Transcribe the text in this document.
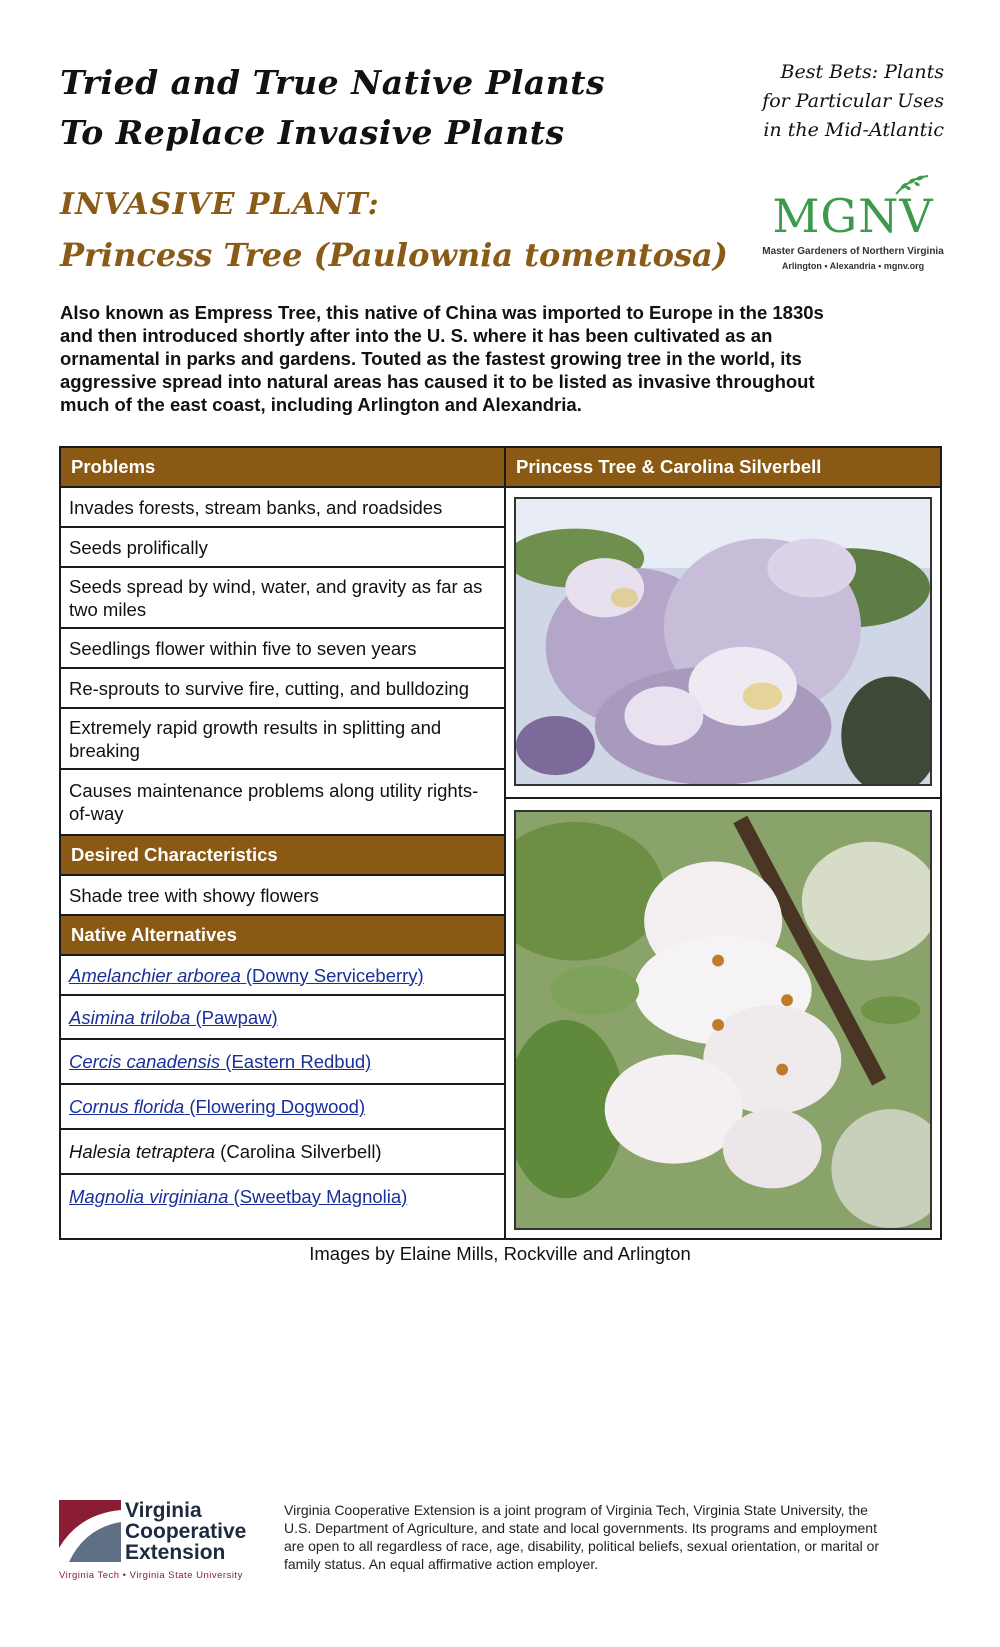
Tried and True Native Plants
To Replace Invasive Plants
Best Bets: Plants
for Particular Uses
in the Mid-Atlantic
INVASIVE PLANT:
Princess Tree (Paulownia tomentosa)
MGNV
Master Gardeners of Northern Virginia
Arlington • Alexandria • mgnv.org
Also known as Empress Tree, this native of China was imported to Europe in the 1830s and then introduced shortly after into the U. S. where it has been cultivated as an ornamental in parks and gardens. Touted as the fastest growing tree in the world, its aggressive spread into natural areas has caused it to be listed as invasive throughout much of the east coast, including Arlington and Alexandria.
Problems
Invades forests, stream banks, and roadsides
Seeds prolifically
Seeds spread by wind, water, and gravity as far as two miles
Seedlings flower within five to seven years
Re-sprouts to survive fire, cutting, and bulldozing
Extremely rapid growth results in splitting and breaking
Causes maintenance problems along utility rights-of-way
Desired Characteristics
Shade tree with showy flowers
Native Alternatives
Amelanchier arborea (Downy Serviceberry)
Asimina triloba (Pawpaw)
Cercis canadensis (Eastern Redbud)
Cornus florida (Flowering Dogwood)
Halesia tetraptera (Carolina Silverbell)
Magnolia virginiana (Sweetbay Magnolia)
Princess Tree & Carolina Silverbell
Images by Elaine Mills, Rockville and Arlington
Virginia
Cooperative
Extension
Virginia Tech • Virginia State University
Virginia Cooperative Extension is a joint program of Virginia Tech, Virginia State University, the U.S. Department of Agriculture, and state and local governments. Its programs and employment are open to all regardless of race, age, disability, political beliefs, sexual orientation, or marital or family status. An equal affirmative action employer.
